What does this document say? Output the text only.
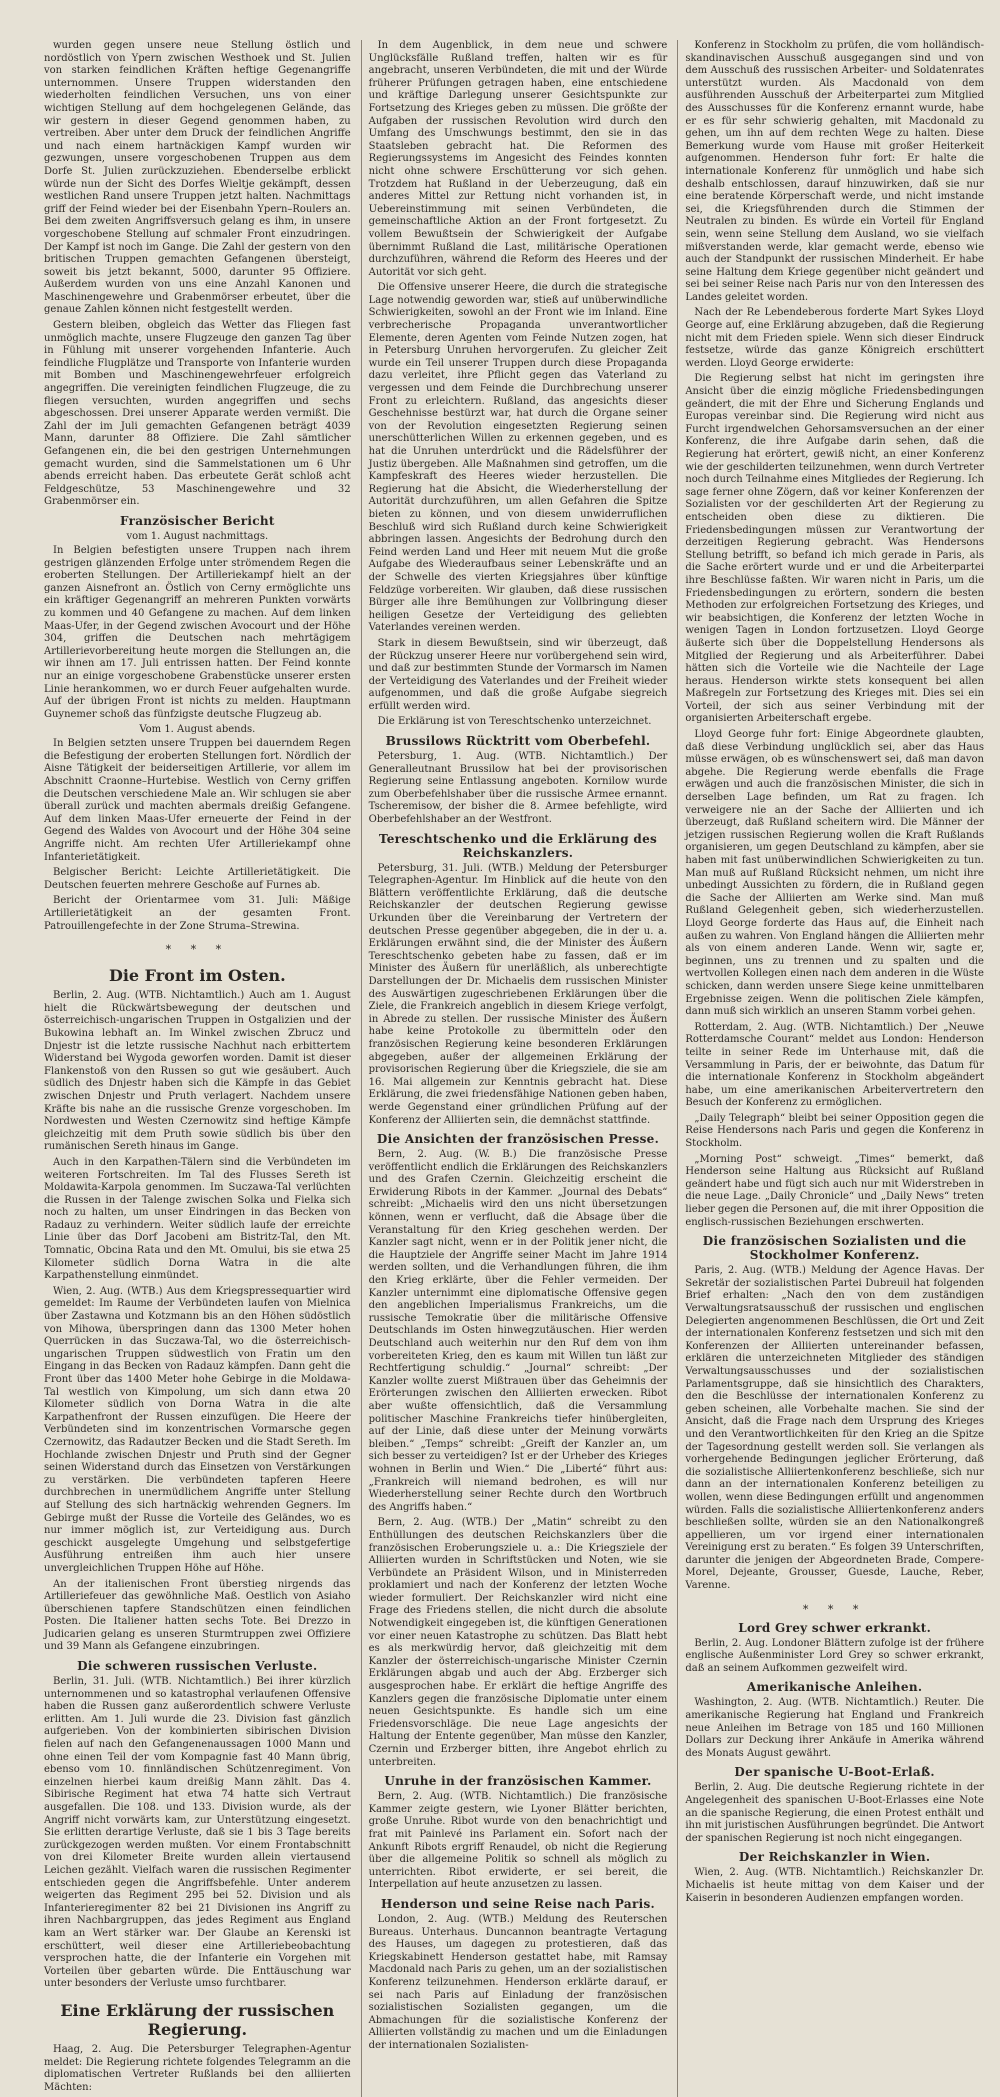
wurden gegen unsere neue Stellung östlich und nordöstlich von Ypern zwischen Westhoek und St. Julien von starken feindlichen Kräften heftige Gegenangriffe unternommen. Unsere Truppen widerstanden den wiederholten feindlichen Versuchen, uns von einer wichtigen Stellung auf dem hochgelegenen Gelände, das wir gestern in dieser Gegend genommen haben, zu vertreiben. Aber unter dem Druck der feindlichen Angriffe und nach einem hartnäckigen Kampf wurden wir gezwungen, unsere vorgeschobenen Truppen aus dem Dorfe St. Julien zurückzuziehen. Ebenderselbe erblickt würde nun der Sicht des Dorfes Wieltje gekämpft, dessen westlichen Rand unsere Truppen jetzt halten. Nachmittags griff der Feind wieder bei der Eisenbahn Ypern–Roulers an. Bei dem zweiten Angriffsversuch gelang es ihm, in unsere vorgeschobene Stellung auf schmaler Front einzudringen. Der Kampf ist noch im Gange. Die Zahl der gestern von den britischen Truppen gemachten Gefangenen übersteigt, soweit bis jetzt bekannt, 5000, darunter 95 Offiziere. Außerdem wurden von uns eine Anzahl Kanonen und Maschinengewehre und Grabenmörser erbeutet, über die genaue Zahlen können nicht festgestellt werden.

Gestern bleiben, obgleich das Wetter das Fliegen fast unmöglich machte, unsere Flugzeuge den ganzen Tag über in Fühlung mit unserer vorgehenden Infanterie. Auch feindliche Flugplätze und Transporte von Infanterie wurden mit Bomben und Maschinengewehrfeuer erfolgreich angegriffen. Die vereinigten feindlichen Flugzeuge, die zu fliegen versuchten, wurden angegriffen und sechs abgeschossen. Drei unserer Apparate werden vermißt. Die Zahl der im Juli gemachten Gefangenen beträgt 4039 Mann, darunter 88 Offiziere. Die Zahl sämtlicher Gefangenen ein, die bei den gestrigen Unternehmungen gemacht wurden, sind die Sammelstationen um 6 Uhr abends erreicht haben. Das erbeutete Gerät schloß acht Feldgeschütze, 53 Maschinengewehre und 32 Grabenmörser ein.

Französischer Bericht
vom 1. August nachmittags.

In Belgien befestigten unsere Truppen nach ihrem gestrigen glänzenden Erfolge unter strömendem Regen die eroberten Stellungen. Der Artilleriekampf hielt an der ganzen Aisnefront an. Östlich von Cerny ermöglichte uns ein kräftiger Gegenangriff an mehreren Punkten vorwärts zu kommen und 40 Gefangene zu machen. Auf dem linken Maas-Ufer, in der Gegend zwischen Avocourt und der Höhe 304, griffen die Deutschen nach mehrtägigem Artillerievorbereitung heute morgen die Stellungen an, die wir ihnen am 17. Juli entrissen hatten. Der Feind konnte nur an einige vorgeschobene Grabenstücke unserer ersten Linie herankommen, wo er durch Feuer aufgehalten wurde. Auf der übrigen Front ist nichts zu melden. Hauptmann Guynemer schoß das fünfzigste deutsche Flugzeug ab.

Vom 1. August abends.

In Belgien setzten unsere Truppen bei dauerndem Regen die Befestigung der eroberten Stellungen fort. Nördlich der Aisne Tätigkeit der beiderseitigen Artillerie, vor allem im Abschnitt Craonne–Hurtebise. Westlich von Cerny griffen die Deutschen verschiedene Male an. Wir schlugen sie aber überall zurück und machten abermals dreißig Gefangene. Auf dem linken Maas-Ufer erneuerte der Feind in der Gegend des Waldes von Avocourt und der Höhe 304 seine Angriffe nicht. Am rechten Ufer Artilleriekampf ohne Infanterietätigkeit.

Belgischer Bericht: Leichte Artillerietätigkeit. Die Deutschen feuerten mehrere Geschoße auf Furnes ab.

Bericht der Orientarmee vom 31. Juli: Mäßige Artillerietätigkeit an der gesamten Front. Patrouillengefechte in der Zone Struma–Strewina.

* * *
Die Front im Osten.

Berlin, 2. Aug. (WTB. Nichtamtlich.) Auch am 1. August hielt die Rückwärtsbewegung der deutschen und österreichisch-ungarischen Truppen in Ostgalizien und der Bukowina lebhaft an. Im Winkel zwischen Zbrucz und Dnjestr ist die letzte russische Nachhut nach erbittertem Widerstand bei Wygoda geworfen worden. Damit ist dieser Flankenstoß von den Russen so gut wie gesäubert. Auch südlich des Dnjestr haben sich die Kämpfe in das Gebiet zwischen Dnjestr und Pruth verlagert. Nachdem unsere Kräfte bis nahe an die russische Grenze vorgeschoben. Im Nordwesten und Westen Czernowitz sind heftige Kämpfe gleichzeitig mit dem Pruth sowie südlich bis über den rumänischen Sereth hinaus im Gange.

Auch in den Karpathen-Tälern sind die Verbündeten im weiteren Fortschreiten. Im Tal des Flusses Sereth ist Moldawita-Karpola genommen. Im Suczawa-Tal verlüchten die Russen in der Talenge zwischen Solka und Fielka sich noch zu halten, um unser Eindringen in das Becken von Radauz zu verhindern. Weiter südlich laufe der erreichte Linie über das Dorf Jacobeni am Bistritz-Tal, den Mt. Tomnatic, Obcina Rata und den Mt. Omului, bis sie etwa 25 Kilometer südlich Dorna Watra in die alte Karpathenstellung einmündet.

Wien, 2. Aug. (WTB.) Aus dem Kriegspressequartier wird gemeldet: Im Raume der Verbündeten laufen von Mielnica über Zastawna und Kotzmann bis an den Höhen südöstlich von Mihowa, überspringen dann das 1300 Meter hohen Querrücken in das Suczawa-Tal, wo die österreichisch-ungarischen Truppen südwestlich von Fratin um den Eingang in das Becken von Radauz kämpfen. Dann geht die Front über das 1400 Meter hohe Gebirge in die Moldawa-Tal westlich von Kimpolung, um sich dann etwa 20 Kilometer südlich von Dorna Watra in die alte Karpathenfront der Russen einzufügen. Die Heere der Verbündeten sind im konzentrischen Vormarsche gegen Czernowitz, das Radautzer Becken und die Stadt Sereth. Im Hochlande zwischen Dnjestr und Pruth sind der Gegner seinen Widerstand durch das Einsetzen von Verstärkungen zu verstärken. Die verbündeten tapferen Heere durchbrechen in unermüdlichem Angriffe unter Stellung auf Stellung des sich hartnäckig wehrenden Gegners. Im Gebirge mußt der Russe die Vorteile des Geländes, wo es nur immer möglich ist, zur Verteidigung aus. Durch geschickt ausgelegte Umgehung und selbstgefertige Ausführung entreißen ihm auch hier unsere unvergleichlichen Truppen Höhe auf Höhe.

An der italienischen Front überstieg nirgends das Artilleriefeuer das gewöhnliche Maß. Oestlich von Asiaho überschienen tapfere Standschützen einen feindlichen Posten. Die Italiener hatten sechs Tote. Bei Drezzo in Judicarien gelang es unseren Sturmtruppen zwei Offiziere und 39 Mann als Gefangene einzubringen.

Die schweren russischen Verluste.

Berlin, 31. Juli. (WTB. Nichtamtlich.) Bei ihrer kürzlich unternommenen und so katastrophal verlaufenen Offensive haben die Russen ganz außerordentlich schwere Verluste erlitten. Am 1. Juli wurde die 23. Division fast gänzlich aufgerieben. Von der kombinierten sibirischen Division fielen auf nach den Gefangenenaussagen 1000 Mann und ohne einen Teil der vom Kompagnie fast 40 Mann übrig, ebenso vom 10. finnländischen Schützenregiment. Von einzelnen hierbei kaum dreißig Mann zählt. Das 4. Sibirische Regiment hat etwa 74 hatte sich Vertraut ausgefallen. Die 108. und 133. Division wurde, als der Angriff nicht vorwärts kam, zur Unterstützung eingesetzt. Sie erlitten derartige Verluste, daß sie 1 bis 3 Tage bereits zurückgezogen werden mußten. Vor einem Frontabschnitt von drei Kilometer Breite wurden allein viertausend Leichen gezählt. Vielfach waren die russischen Regimenter entschieden gegen die Angriffsbefehle. Unter anderem weigerten das Regiment 295 bei 52. Division und als Infanterieregimenter 82 bei 21 Divisionen ins Angriff zu ihren Nachbargruppen, das jedes Regiment aus England kam an Wert stärker war. Der Glaube an Kerenski ist erschüttert, weil dieser eine Artilleriebeobachtung versprochen hatte, die der Infanterie ein Vorgehen mit Vorteilen über gebarten würde. Die Enttäuschung war unter besonders der Verluste umso furchtbarer.

Eine Erklärung der russischen Regierung.

Haag, 2. Aug. Die Petersburger Telegraphen-Agentur meldet: Die Regierung richtete folgendes Telegramm an die diplomatischen Vertreter Rußlands bei den alliierten Mächten:

In dem Augenblick, in dem neue und schwere Unglücksfälle Rußland treffen, halten wir es für angebracht, unseren Verbündeten, die mit und der Würde früherer Prüfungen getragen haben, eine entschiedene und kräftige Darlegung unserer Gesichtspunkte zur Fortsetzung des Krieges geben zu müssen. Die größte der Aufgaben der russischen Revolution wird durch den Umfang des Umschwungs bestimmt, den sie in das Staatsleben gebracht hat. Die Reformen des Regierungssystems im Angesicht des Feindes konnten nicht ohne schwere Erschütterung vor sich gehen. Trotzdem hat Rußland in der Ueberzeugung, daß ein anderes Mittel zur Rettung nicht vorhanden ist, in Uebereinstimmung mit seinen Verbündeten, die gemeinschaftliche Aktion an der Front fortgesetzt. Zu vollem Bewußtsein der Schwierigkeit der Aufgabe übernimmt Rußland die Last, militärische Operationen durchzuführen, während die Reform des Heeres und der Autorität vor sich geht.

Die Offensive unserer Heere, die durch die strategische Lage notwendig geworden war, stieß auf unüberwindliche Schwierigkeiten, sowohl an der Front wie im Inland. Eine verbrecherische Propaganda unverantwortlicher Elemente, deren Agenten vom Feinde Nutzen zogen, hat in Petersburg Unruhen hervorgerufen. Zu gleicher Zeit wurde ein Teil unserer Truppen durch diese Propaganda dazu verleitet, ihre Pflicht gegen das Vaterland zu vergessen und dem Feinde die Durchbrechung unserer Front zu erleichtern. Rußland, das angesichts dieser Geschehnisse bestürzt war, hat durch die Organe seiner von der Revolution eingesetzten Regierung seinen unerschütterlichen Willen zu erkennen gegeben, und es hat die Unruhen unterdrückt und die Rädelsführer der Justiz übergeben. Alle Maßnahmen sind getroffen, um die Kampfeskraft des Heeres wieder herzustellen. Die Regierung hat die Absicht, die Wiederherstellung der Autorität durchzuführen, um allen Gefahren die Spitze bieten zu können, und von diesem unwiderruflichen Beschluß wird sich Rußland durch keine Schwierigkeit abbringen lassen. Angesichts der Bedrohung durch den Feind werden Land und Heer mit neuem Mut die große Aufgabe des Wiederaufbaus seiner Lebenskräfte und an der Schwelle des vierten Kriegsjahres über künftige Feldzüge vorbereiten. Wir glauben, daß diese russischen Bürger alle ihre Bemühungen zur Vollbringung dieser heiligen Gesetze der Verteidigung des geliebten Vaterlandes vereinen werden.

Stark in diesem Bewußtsein, sind wir überzeugt, daß der Rückzug unserer Heere nur vorübergehend sein wird, und daß zur bestimmten Stunde der Vormarsch im Namen der Verteidigung des Vaterlandes und der Freiheit wieder aufgenommen, und daß die große Aufgabe siegreich erfüllt werden wird.

Die Erklärung ist von Tereschtschenko unterzeichnet.

Brussilows Rücktritt vom Oberbefehl.

Petersburg, 1. Aug. (WTB. Nichtamtlich.) Der Generalleutnant Brussilow hat bei der provisorischen Regierung seine Entlassung angeboten. Kornilow wurde zum Oberbefehlshaber über die russische Armee ernannt. Tscheremisow, der bisher die 8. Armee befehligte, wird Oberbefehlshaber an der Westfront.

Tereschtschenko und die Erklärung des Reichskanzlers.

Petersburg, 31. Juli. (WTB.) Meldung der Petersburger Telegraphen-Agentur. Im Hinblick auf die heute von den Blättern veröffentlichte Erklärung, daß die deutsche Reichskanzler der deutschen Regierung gewisse Urkunden über die Vereinbarung der Vertretern der deutschen Presse gegenüber abgegeben, die in der u. a. Erklärungen erwähnt sind, die der Minister des Äußern Tereschtschenko gebeten habe zu fassen, daß er im Minister des Äußern für unerläßlich, als unberechtigte Darstellungen der Dr. Michaelis dem russischen Minister des Auswärtigen zugeschriebenen Erklärungen über die Ziele, die Frankreich angeblich in diesem Kriege verfolgt, in Abrede zu stellen. Der russische Minister des Äußern habe keine Protokolle zu übermitteln oder den französischen Regierung keine besonderen Erklärungen abgegeben, außer der allgemeinen Erklärung der provisorischen Regierung über die Kriegsziele, die sie am 16. Mai allgemein zur Kenntnis gebracht hat. Diese Erklärung, die zwei friedensfähige Nationen geben haben, werde Gegenstand einer gründlichen Prüfung auf der Konferenz der Alliierten sein, die demnächst stattfinde.

Die Ansichten der französischen Presse.

Bern, 2. Aug. (W. B.) Die französische Presse veröffentlicht endlich die Erklärungen des Reichskanzlers und des Grafen Czernin. Gleichzeitig erscheint die Erwiderung Ribots in der Kammer. „Journal des Debats“ schreibt: „Michaelis wird den uns nicht übersetzungen können, wenn er verflucht, daß die Absage über die Veranstaltung für den Krieg geschehen werden. Der Kanzler sagt nicht, wenn er in der Politik jener nicht, die die Hauptziele der Angriffe seiner Macht im Jahre 1914 werden sollten, und die Verhandlungen führen, die ihm den Krieg erklärte, über die Fehler vermeiden. Der Kanzler unternimmt eine diplomatische Offensive gegen den angeblichen Imperialismus Frankreichs, um die russische Temokratie über die militärische Offensive Deutschlands im Osten hinwegzutäuschen. Hier werden Deutschland auch weiterhin nur den Ruf dem von ihm vorbereiteten Krieg, den es kaum mit Willen tun läßt zur Rechtfertigung schuldig.“ „Journal“ schreibt: „Der Kanzler wollte zuerst Mißtrauen über das Geheimnis der Erörterungen zwischen den Alliierten erwecken. Ribot aber wußte offensichtlich, daß die Versammlung politischer Maschine Frankreichs tiefer hinübergleiten, auf der Linie, daß diese unter der Meinung vorwärts bleiben.“ „Temps“ schreibt: „Greift der Kanzler an, um sich besser zu verteidigen? Ist er der Urheber des Krieges wohnen in Berlin und Wien.“ Die „Liberté“ führt aus: „Frankreich will niemand bedrohen, es will nur Wiederherstellung seiner Rechte durch den Wortbruch des Angriffs haben.“

Bern, 2. Aug. (WTB.) Der „Matin“ schreibt zu den Enthüllungen des deutschen Reichskanzlers über die französischen Eroberungsziele u. a.: Die Kriegsziele der Alliierten wurden in Schriftstücken und Noten, wie sie Verbündete an Präsident Wilson, und in Ministerreden proklamiert und nach der Konferenz der letzten Woche wieder formuliert. Der Reichskanzler wird nicht eine Frage des Friedens stellen, die nicht durch die absolute Notwendigkeit eingegeben ist, die künftigen Generationen vor einer neuen Katastrophe zu schützen. Das Blatt hebt es als merkwürdig hervor, daß gleichzeitig mit dem Kanzler der österreichisch-ungarische Minister Czernin Erklärungen abgab und auch der Abg. Erzberger sich ausgesprochen habe. Er erklärt die heftige Angriffe des Kanzlers gegen die französische Diplomatie unter einem neuen Gesichtspunkte. Es handle sich um eine Friedensvorschläge. Die neue Lage angesichts der Haltung der Entente gegenüber, Man müsse den Kanzler, Czernin und Erzberger bitten, ihre Angebot ehrlich zu unterbreiten.

Unruhe in der französischen Kammer.

Bern, 2. Aug. (WTB. Nichtamtlich.) Die französische Kammer zeigte gestern, wie Lyoner Blätter berichten, große Unruhe. Ribot wurde von den benachrichtigt und frat mit Painlevé ins Parlament ein. Sofort nach der Ankunft Ribots ergriff Renaudel, ob nicht die Regierung über die allgemeine Politik so schnell als möglich zu unterrichten. Ribot erwiderte, er sei bereit, die Interpellation auf heute anzusetzen zu lassen.

Henderson und seine Reise nach Paris.

London, 2. Aug. (WTB.) Meldung des Reuterschen Bureaus. Unterhaus. Duncannon beantragte Vertagung des Hauses, um dagegen zu protestieren, daß das Kriegskabinett Henderson gestattet habe, mit Ramsay Macdonald nach Paris zu gehen, um an der sozialistischen Konferenz teilzunehmen. Henderson erklärte darauf, er sei nach Paris auf Einladung der französischen sozialistischen Sozialisten gegangen, um die Abmachungen für die sozialistische Konferenz der Alliierten vollständig zu machen und um die Einladungen der internationalen Sozialisten-

Konferenz in Stockholm zu prüfen, die vom holländisch-skandinavischen Ausschuß ausgegangen sind und von dem Ausschuß des russischen Arbeiter- und Soldatenrates unterstützt wurden. Als Macdonald von dem ausführenden Ausschuß der Arbeiterpartei zum Mitglied des Ausschusses für die Konferenz ernannt wurde, habe er es für sehr schwierig gehalten, mit Macdonald zu gehen, um ihn auf dem rechten Wege zu halten. Diese Bemerkung wurde vom Hause mit großer Heiterkeit aufgenommen. Henderson fuhr fort: Er halte die internationale Konferenz für unmöglich und habe sich deshalb entschlossen, darauf hinzuwirken, daß sie nur eine beratende Körperschaft werde, und nicht imstande sei, die Kriegsführenden durch die Stimmen der Neutralen zu binden. Es würde ein Vorteil für England sein, wenn seine Stellung dem Ausland, wo sie vielfach mißverstanden werde, klar gemacht werde, ebenso wie auch der Standpunkt der russischen Minderheit. Er habe seine Haltung dem Kriege gegenüber nicht geändert und sei bei seiner Reise nach Paris nur von den Interessen des Landes geleitet worden.

Nach der Re Lebendeberous forderte Mart Sykes Lloyd George auf, eine Erklärung abzugeben, daß die Regierung nicht mit dem Frieden spiele. Wenn sich dieser Eindruck festsetze, würde das ganze Königreich erschüttert werden. Lloyd George erwiderte:

Die Regierung selbst hat nicht im geringsten ihre Ansicht über die einzig mögliche Friedensbedingungen geändert, die mit der Ehre und Sicherung Englands und Europas vereinbar sind. Die Regierung wird nicht aus Furcht irgendwelchen Gehorsamsversuchen an der einer Konferenz, die ihre Aufgabe darin sehen, daß die Regierung hat erörtert, gewiß nicht, an einer Konferenz wie der geschilderten teilzunehmen, wenn durch Vertreter noch durch Teilnahme eines Mitgliedes der Regierung. Ich sage ferner ohne Zögern, daß vor keiner Konferenzen der Sozialisten vor der geschilderten Art der Regierung zu entscheiden oben diese zu diktieren. Die Friedensbedingungen müssen zur Verantwortung der derzeitigen Regierung gebracht. Was Hendersons Stellung betrifft, so befand ich mich gerade in Paris, als die Sache erörtert wurde und er und die Arbeiterpartei ihre Beschlüsse faßten. Wir waren nicht in Paris, um die Friedensbedingungen zu erörtern, sondern die besten Methoden zur erfolgreichen Fortsetzung des Krieges, und wir beabsichtigen, die Konferenz der letzten Woche in wenigen Tagen in London fortzusetzen. Lloyd George äußerte sich über die Doppelstellung Hendersons als Mitglied der Regierung und als Arbeiterführer. Dabei hätten sich die Vorteile wie die Nachteile der Lage heraus. Henderson wirkte stets konsequent bei allen Maßregeln zur Fortsetzung des Krieges mit. Dies sei ein Vorteil, der sich aus seiner Verbindung mit der organisierten Arbeiterschaft ergebe.

Lloyd George fuhr fort: Einige Abgeordnete glaubten, daß diese Verbindung unglücklich sei, aber das Haus müsse erwägen, ob es wünschenswert sei, daß man davon abgehe. Die Regierung werde ebenfalls die Frage erwägen und auch die französischen Minister, die sich in derselben Lage befinden, um Rat zu fragen. Ich verweigere nie an der Sache der Alliierten und ich überzeugt, daß Rußland scheitern wird. Die Männer der jetzigen russischen Regierung wollen die Kraft Rußlands organisieren, um gegen Deutschland zu kämpfen, aber sie haben mit fast unüberwindlichen Schwierigkeiten zu tun. Man muß auf Rußland Rücksicht nehmen, um nicht ihre unbedingt Aussichten zu fördern, die in Rußland gegen die Sache der Alliierten am Werke sind. Man muß Rußland Gelegenheit geben, sich wiederherzustellen. Lloyd George forderte das Haus auf, die Einheit nach außen zu wahren. Von England hängen die Alliierten mehr als von einem anderen Lande. Wenn wir, sagte er, beginnen, uns zu trennen und zu spalten und die wertvollen Kollegen einen nach dem anderen in die Wüste schicken, dann werden unsere Siege keine unmittelbaren Ergebnisse zeigen. Wenn die politischen Ziele kämpfen, dann muß sich wirklich an unseren Stamm vorbei gehen.

Rotterdam, 2. Aug. (WTB. Nichtamtlich.) Der „Neuwe Rotterdamsche Courant“ meldet aus London: Henderson teilte in seiner Rede im Unterhause mit, daß die Versammlung in Paris, der er beiwohnte, das Datum für die internationale Konferenz in Stockholm abgeändert habe, um eine amerikanischen Arbeitervertretern den Besuch der Konferenz zu ermöglichen.

„Daily Telegraph“ bleibt bei seiner Opposition gegen die Reise Hendersons nach Paris und gegen die Konferenz in Stockholm.

„Morning Post“ schweigt. „Times“ bemerkt, daß Henderson seine Haltung aus Rücksicht auf Rußland geändert habe und fügt sich auch nur mit Widerstreben in die neue Lage. „Daily Chronicle“ und „Daily News“ treten lieber gegen die Personen auf, die mit ihrer Opposition die englisch-russischen Beziehungen erschwerten.

Die französischen Sozialisten und die Stockholmer Konferenz.

Paris, 2. Aug. (WTB.) Meldung der Agence Havas. Der Sekretär der sozialistischen Partei Dubreuil hat folgenden Brief erhalten: „Nach den von dem zuständigen Verwaltungsratsausschuß der russischen und englischen Delegierten angenommenen Beschlüssen, die Ort und Zeit der internationalen Konferenz festsetzen und sich mit den Konferenzen der Alliierten untereinander befassen, erklären die unterzeichneten Mitglieder des ständigen Verwaltungsausschusses und der sozialistischen Parlamentsgruppe, daß sie hinsichtlich des Charakters, den die Beschlüsse der internationalen Konferenz zu geben scheinen, alle Vorbehalte machen. Sie sind der Ansicht, daß die Frage nach dem Ursprung des Krieges und den Verantwortlichkeiten für den Krieg an die Spitze der Tagesordnung gestellt werden soll. Sie verlangen als vorhergehende Bedingungen jeglicher Erörterung, daß die sozialistische Alliiertenkonferenz beschließe, sich nur dann an der internationalen Konferenz beteiligen zu wollen, wenn diese Bedingungen erfüllt und angenommen würden. Falls die sozialistische Alliiertenkonferenz anders beschließen sollte, würden sie an den Nationalkongreß appellieren, um vor irgend einer internationalen Vereinigung erst zu beraten.“ Es folgen 39 Unterschriften, darunter die jenigen der Abgeordneten Brade, Compere-Morel, Dejeante, Grousser, Guesde, Lauche, Reber, Varenne.

* * *
Lord Grey schwer erkrankt.

Berlin, 2. Aug. Londoner Blättern zufolge ist der frühere englische Außenminister Lord Grey so schwer erkrankt, daß an seinem Aufkommen gezweifelt wird.

Amerikanische Anleihen.

Washington, 2. Aug. (WTB. Nichtamtlich.) Reuter. Die amerikanische Regierung hat England und Frankreich neue Anleihen im Betrage von 185 und 160 Millionen Dollars zur Deckung ihrer Ankäufe in Amerika während des Monats August gewährt.

Der spanische U-Boot-Erlaß.

Berlin, 2. Aug. Die deutsche Regierung richtete in der Angelegenheit des spanischen U-Boot-Erlasses eine Note an die spanische Regierung, die einen Protest enthält und ihn mit juristischen Ausführungen begründet. Die Antwort der spanischen Regierung ist noch nicht eingegangen.

Der Reichskanzler in Wien.

Wien, 2. Aug. (WTB. Nichtamtlich.) Reichskanzler Dr. Michaelis ist heute mittag von dem Kaiser und der Kaiserin in besonderen Audienzen empfangen worden.
